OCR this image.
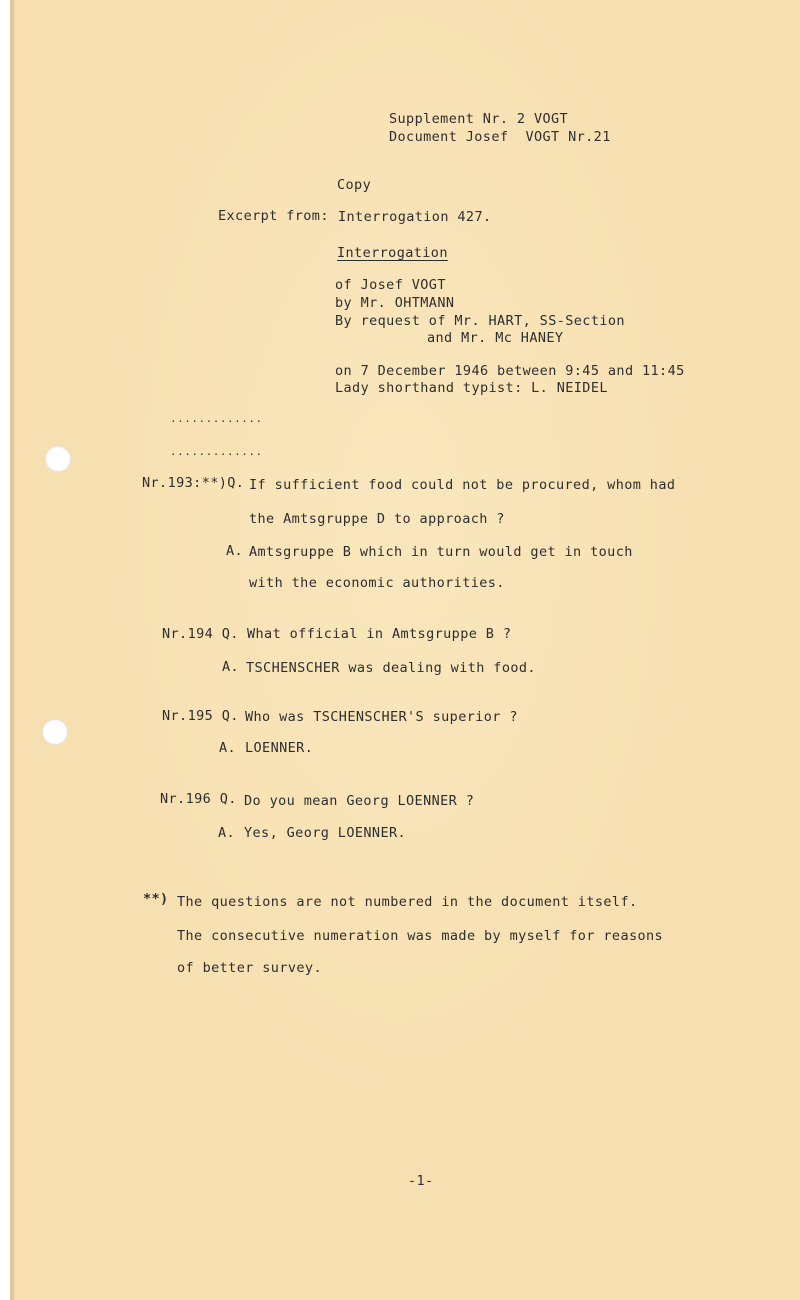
Supplement Nr. 2 VOGT
Document Josef  VOGT Nr.21
Copy
Excerpt from: Interrogation 427.
Interrogation
of Josef VOGT
by Mr. OHTMANN
By request of Mr. HART, SS-Section
and Mr. Mc HANEY
on 7 December 1946 between 9:45 and 11:45
Lady shorthand typist: L. NEIDEL
.............
.............
Nr.193:**)Q. If sufficient food could not be procured, whom had
the Amtsgruppe D to approach ?
A. Amtsgruppe B which in turn would get in touch
with the economic authorities.
Nr.194 Q. What official in Amtsgruppe B ?
A. TSCHENSCHER was dealing with food.
Nr.195 Q. Who was TSCHENSCHER'S superior ?
A. LOENNER.
Nr.196 Q. Do you mean Georg LOENNER ?
A. Yes, Georg LOENNER.
**) The questions are not numbered in the document itself.
The consecutive numeration was made by myself for reasons
of better survey.
-1-
